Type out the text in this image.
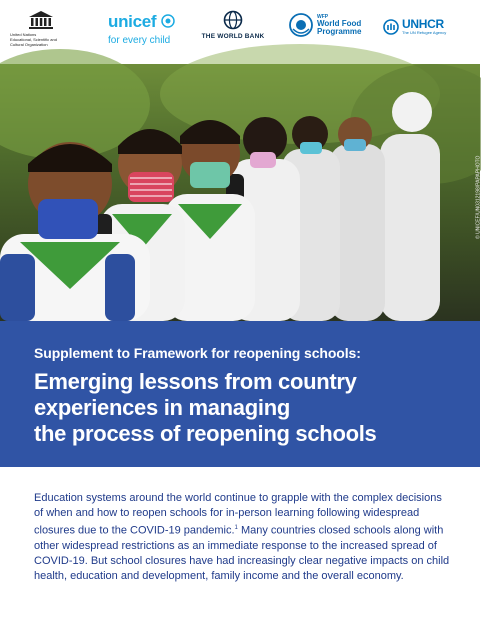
United Nations
Educational, Scientific and
Cultural Organization
unicef
for every child	THE WORLD BANK
WFP
World Food
Programme
UNHCR
The UN Refugee Agency
© UNICEF/UN0312198/PAPAPHOTO
Supplement to Framework for reopening schools:
Emerging lessons from country
experiences in managing
the process of reopening schools
Education systems around the world continue to grapple with the complex decisions of when and how to reopen schools for in-person learning following widespread closures due to the COVID-19 pandemic.$^1$ Many countries closed schools along with other widespread restrictions as an immediate response to the increased spread of COVID-19. But school closures have had increasingly clear negative impacts on child health, education and development, family income and the overall economy.
